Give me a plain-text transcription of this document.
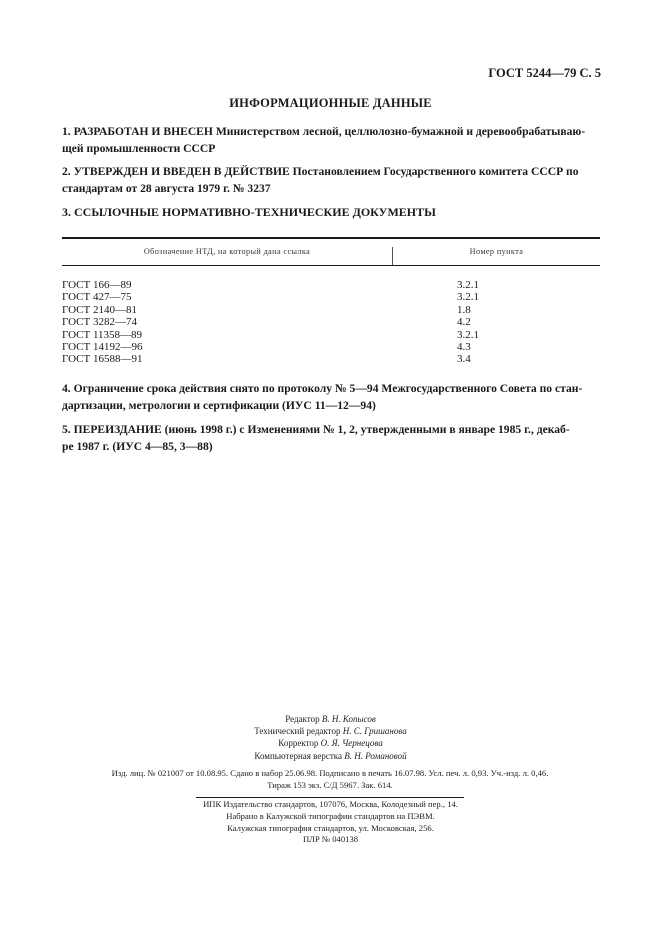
ГОСТ 5244—79 С. 5
ИНФОРМАЦИОННЫЕ ДАННЫЕ
1. РАЗРАБОТАН И ВНЕСЕН Министерством лесной, целлюлозно-бумажной и деревообрабатываю-
щей промышленности СССР
2. УТВЕРЖДЕН И ВВЕДЕН В ДЕЙСТВИЕ Постановлением Государственного комитета СССР по
стандартам от 28 августа 1979 г. № 3237
3. ССЫЛОЧНЫЕ НОРМАТИВНО-ТЕХНИЧЕСКИЕ ДОКУМЕНТЫ
Обозначение НТД, на который дана ссылка	Номер пункта
ГОСТ 166—89	3.2.1
ГОСТ 427—75	3.2.1
ГОСТ 2140—81	1.8
ГОСТ 3282—74	4.2
ГОСТ 11358—89	3.2.1
ГОСТ 14192—96	4.3
ГОСТ 16588—91	3.4
4. Ограничение срока действия снято по протоколу № 5—94 Межгосударственного Совета по стан-
дартизации, метрологии и сертификации (ИУС 11—12—94)
5. ПЕРЕИЗДАНИЕ (июнь 1998 г.) с Изменениями № 1, 2, утвержденными в январе 1985 г., декаб-
ре 1987 г. (ИУС 4—85, 3—88)
Редактор В. Н. Копысов
Технический редактор Н. С. Гришанова
Корректор О. Я. Чернецова
Компьютерная верстка В. Н. Романовой
Изд. лиц. № 021007 от 10.08.95. Сдано в набор 25.06.98. Подписано в печать 16.07.98. Усл. печ. л. 0,93. Уч.-изд. л. 0,46.
Тираж 153 экз. С/Д 5967. Зак. 614.
ИПК Издательство стандартов, 107076, Москва, Колодезный пер., 14.
Набрано в Калужской типографии стандартов на ПЭВМ.
Калужская типография стандартов, ул. Московская, 256.
ПЛР № 040138
